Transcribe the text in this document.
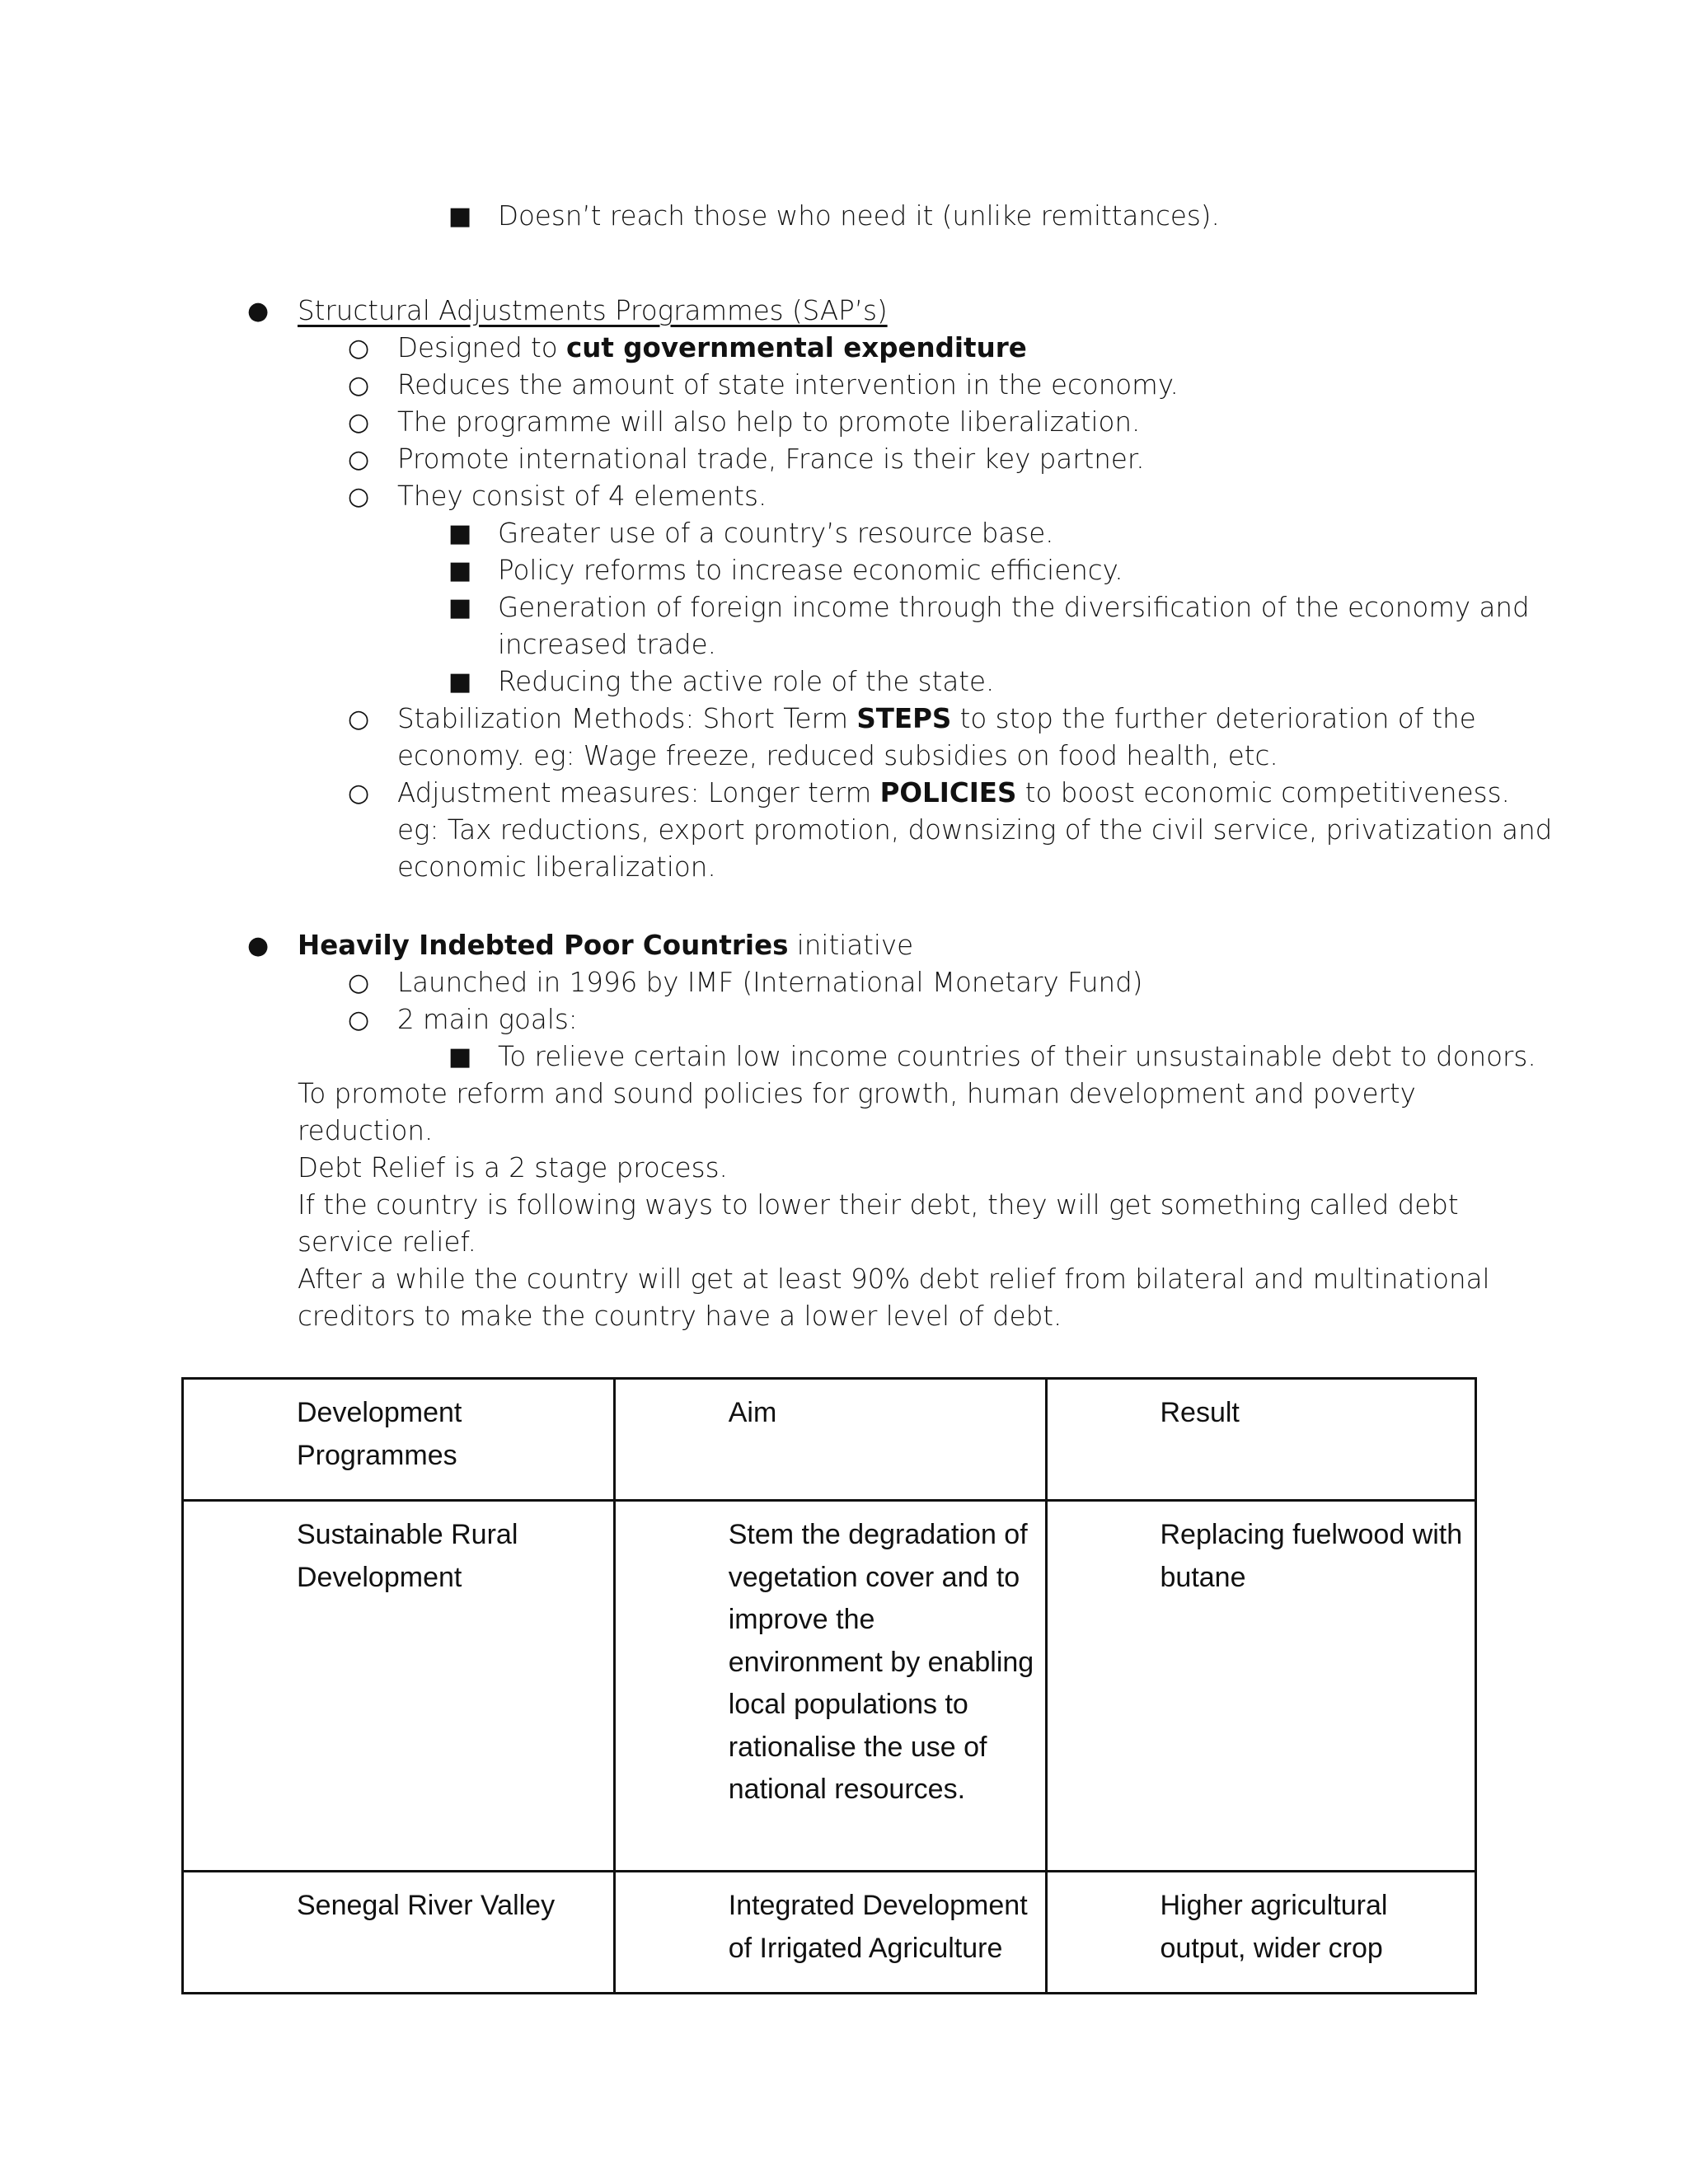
■ Doesn’t reach those who need it (unlike remittances).
● Structural Adjustments Programmes (SAP’s)
○ Designed to cut governmental expenditure
○ Reduces the amount of state intervention in the economy.
○ The programme will also help to promote liberalization.
○ Promote international trade, France is their key partner.
○ They consist of 4 elements.
■ Greater use of a country’s resource base.
■ Policy reforms to increase economic efficiency.
■ Generation of foreign income through the diversification of the economy and
increased trade.
■ Reducing the active role of the state.
○ Stabilization Methods: Short Term STEPS to stop the further deterioration of the
economy. eg: Wage freeze, reduced subsidies on food health, etc.
○ Adjustment measures: Longer term POLICIES to boost economic competitiveness.
eg: Tax reductions, export promotion, downsizing of the civil service, privatization and
economic liberalization.
● Heavily Indebted Poor Countries initiative
○ Launched in 1996 by IMF (International Monetary Fund)
○ 2 main goals:
■ To relieve certain low income countries of their unsustainable debt to donors.
To promote reform and sound policies for growth, human development and poverty
reduction.
Debt Relief is a 2 stage process.
If the country is following ways to lower their debt, they will get something called debt
service relief.
After a while the country will get at least 90% debt relief from bilateral and multinational
creditors to make the country have a lower level of debt.
Development Programmes	Aim	Result
Sustainable Rural Development	Stem the degradation of vegetation cover and to improve the environment by enabling local populations to rationalise the use of national resources.	Replacing fuelwood with butane
Senegal River Valley	Integrated Development of Irrigated Agriculture	Higher agricultural output, wider crop
